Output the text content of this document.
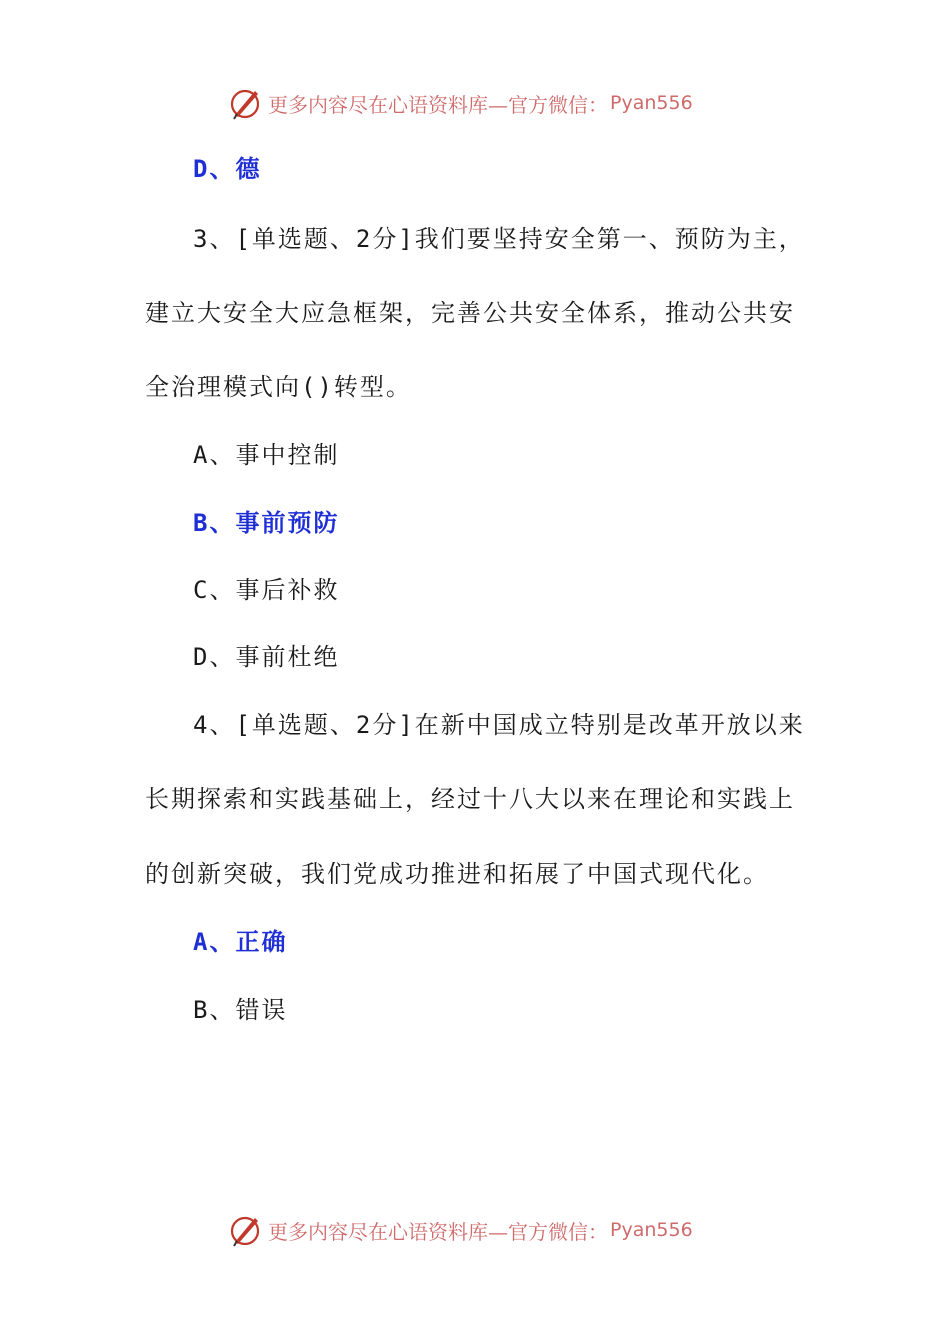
更多内容尽在心语资料库—官方微信： Pyan556
D、德
3、[单选题、2分]我们要坚持安全第一、预防为主，
建立大安全大应急框架，完善公共安全体系，推动公共安
全治理模式向()转型。
A、事中控制
B、事前预防
C、事后补救
D、事前杜绝
4、[单选题、2分]在新中国成立特别是改革开放以来
长期探索和实践基础上，经过十八大以来在理论和实践上
的创新突破，我们党成功推进和拓展了中国式现代化。
A、正确
B、错误
更多内容尽在心语资料库—官方微信： Pyan556
